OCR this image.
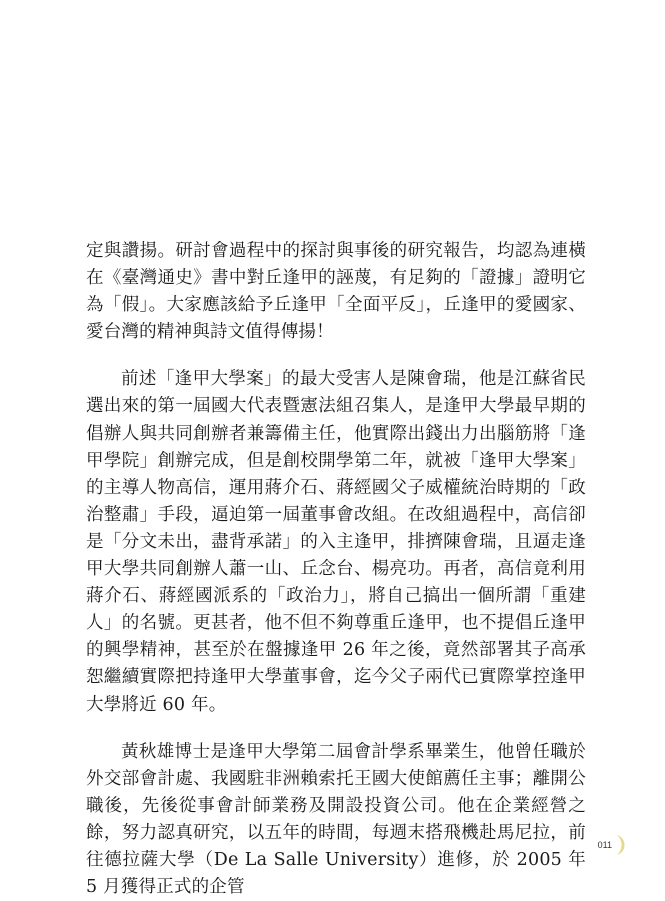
定與讚揚。研討會過程中的探討與事後的研究報告，均認為連橫在《臺灣通史》書中對丘逢甲的誣蔑，有足夠的「證據」證明它為「假」。大家應該給予丘逢甲「全面平反」，丘逢甲的愛國家、愛台灣的精神與詩文值得傳揚！

前述「逢甲大學案」的最大受害人是陳會瑞，他是江蘇省民選出來的第一屆國大代表暨憲法組召集人，是逢甲大學最早期的倡辦人與共同創辦者兼籌備主任，他實際出錢出力出腦筋將「逢甲學院」創辦完成，但是創校開學第二年，就被「逢甲大學案」的主導人物高信，運用蔣介石、蔣經國父子威權統治時期的「政治整肅」手段，逼迫第一屆董事會改組。在改組過程中，高信卻是「分文未出，盡背承諾」的入主逢甲，排擠陳會瑞，且逼走逢甲大學共同創辦人蕭一山、丘念台、楊亮功。再者，高信竟利用蔣介石、蔣經國派系的「政治力」，將自己搞出一個所謂「重建人」的名號。更甚者，他不但不夠尊重丘逢甲，也不提倡丘逢甲的興學精神，甚至於在盤據逢甲 26 年之後，竟然部署其子高承恕繼續實際把持逢甲大學董事會，迄今父子兩代已實際掌控逢甲大學將近 60 年。

黃秋雄博士是逢甲大學第二屆會計學系畢業生，他曾任職於外交部會計處、我國駐非洲賴索托王國大使館薦任主事；離開公職後，先後從事會計師業務及開設投資公司。他在企業經營之餘，努力認真研究，以五年的時間，每週末搭飛機赴馬尼拉，前往德拉薩大學（De La Salle University）進修，於 2005 年 5 月獲得正式的企管

011
